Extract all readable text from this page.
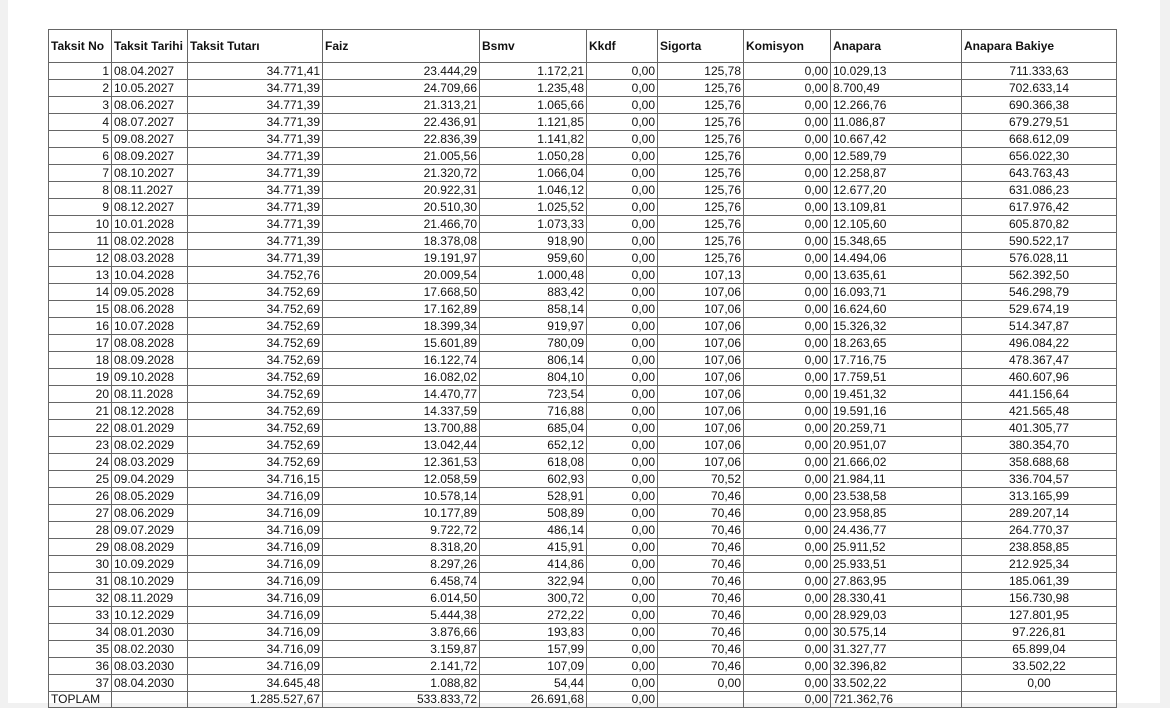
Taksit No	Taksit Tarihi	Taksit Tutarı	Faiz	Bsmv	Kkdf	Sigorta	Komisyon	Anapara	Anapara Bakiye
1	08.04.2027	34.771,41	23.444,29	1.172,21	0,00	125,78	0,00	10.029,13	711.333,63
2	10.05.2027	34.771,39	24.709,66	1.235,48	0,00	125,76	0,00	8.700,49	702.633,14
3	08.06.2027	34.771,39	21.313,21	1.065,66	0,00	125,76	0,00	12.266,76	690.366,38
4	08.07.2027	34.771,39	22.436,91	1.121,85	0,00	125,76	0,00	11.086,87	679.279,51
5	09.08.2027	34.771,39	22.836,39	1.141,82	0,00	125,76	0,00	10.667,42	668.612,09
6	08.09.2027	34.771,39	21.005,56	1.050,28	0,00	125,76	0,00	12.589,79	656.022,30
7	08.10.2027	34.771,39	21.320,72	1.066,04	0,00	125,76	0,00	12.258,87	643.763,43
8	08.11.2027	34.771,39	20.922,31	1.046,12	0,00	125,76	0,00	12.677,20	631.086,23
9	08.12.2027	34.771,39	20.510,30	1.025,52	0,00	125,76	0,00	13.109,81	617.976,42
10	10.01.2028	34.771,39	21.466,70	1.073,33	0,00	125,76	0,00	12.105,60	605.870,82
11	08.02.2028	34.771,39	18.378,08	918,90	0,00	125,76	0,00	15.348,65	590.522,17
12	08.03.2028	34.771,39	19.191,97	959,60	0,00	125,76	0,00	14.494,06	576.028,11
13	10.04.2028	34.752,76	20.009,54	1.000,48	0,00	107,13	0,00	13.635,61	562.392,50
14	09.05.2028	34.752,69	17.668,50	883,42	0,00	107,06	0,00	16.093,71	546.298,79
15	08.06.2028	34.752,69	17.162,89	858,14	0,00	107,06	0,00	16.624,60	529.674,19
16	10.07.2028	34.752,69	18.399,34	919,97	0,00	107,06	0,00	15.326,32	514.347,87
17	08.08.2028	34.752,69	15.601,89	780,09	0,00	107,06	0,00	18.263,65	496.084,22
18	08.09.2028	34.752,69	16.122,74	806,14	0,00	107,06	0,00	17.716,75	478.367,47
19	09.10.2028	34.752,69	16.082,02	804,10	0,00	107,06	0,00	17.759,51	460.607,96
20	08.11.2028	34.752,69	14.470,77	723,54	0,00	107,06	0,00	19.451,32	441.156,64
21	08.12.2028	34.752,69	14.337,59	716,88	0,00	107,06	0,00	19.591,16	421.565,48
22	08.01.2029	34.752,69	13.700,88	685,04	0,00	107,06	0,00	20.259,71	401.305,77
23	08.02.2029	34.752,69	13.042,44	652,12	0,00	107,06	0,00	20.951,07	380.354,70
24	08.03.2029	34.752,69	12.361,53	618,08	0,00	107,06	0,00	21.666,02	358.688,68
25	09.04.2029	34.716,15	12.058,59	602,93	0,00	70,52	0,00	21.984,11	336.704,57
26	08.05.2029	34.716,09	10.578,14	528,91	0,00	70,46	0,00	23.538,58	313.165,99
27	08.06.2029	34.716,09	10.177,89	508,89	0,00	70,46	0,00	23.958,85	289.207,14
28	09.07.2029	34.716,09	9.722,72	486,14	0,00	70,46	0,00	24.436,77	264.770,37
29	08.08.2029	34.716,09	8.318,20	415,91	0,00	70,46	0,00	25.911,52	238.858,85
30	10.09.2029	34.716,09	8.297,26	414,86	0,00	70,46	0,00	25.933,51	212.925,34
31	08.10.2029	34.716,09	6.458,74	322,94	0,00	70,46	0,00	27.863,95	185.061,39
32	08.11.2029	34.716,09	6.014,50	300,72	0,00	70,46	0,00	28.330,41	156.730,98
33	10.12.2029	34.716,09	5.444,38	272,22	0,00	70,46	0,00	28.929,03	127.801,95
34	08.01.2030	34.716,09	3.876,66	193,83	0,00	70,46	0,00	30.575,14	97.226,81
35	08.02.2030	34.716,09	3.159,87	157,99	0,00	70,46	0,00	31.327,77	65.899,04
36	08.03.2030	34.716,09	2.141,72	107,09	0,00	70,46	0,00	32.396,82	33.502,22
37	08.04.2030	34.645,48	1.088,82	54,44	0,00	0,00	0,00	33.502,22	0,00
TOPLAM		1.285.527,67	533.833,72	26.691,68	0,00		0,00	721.362,76	
